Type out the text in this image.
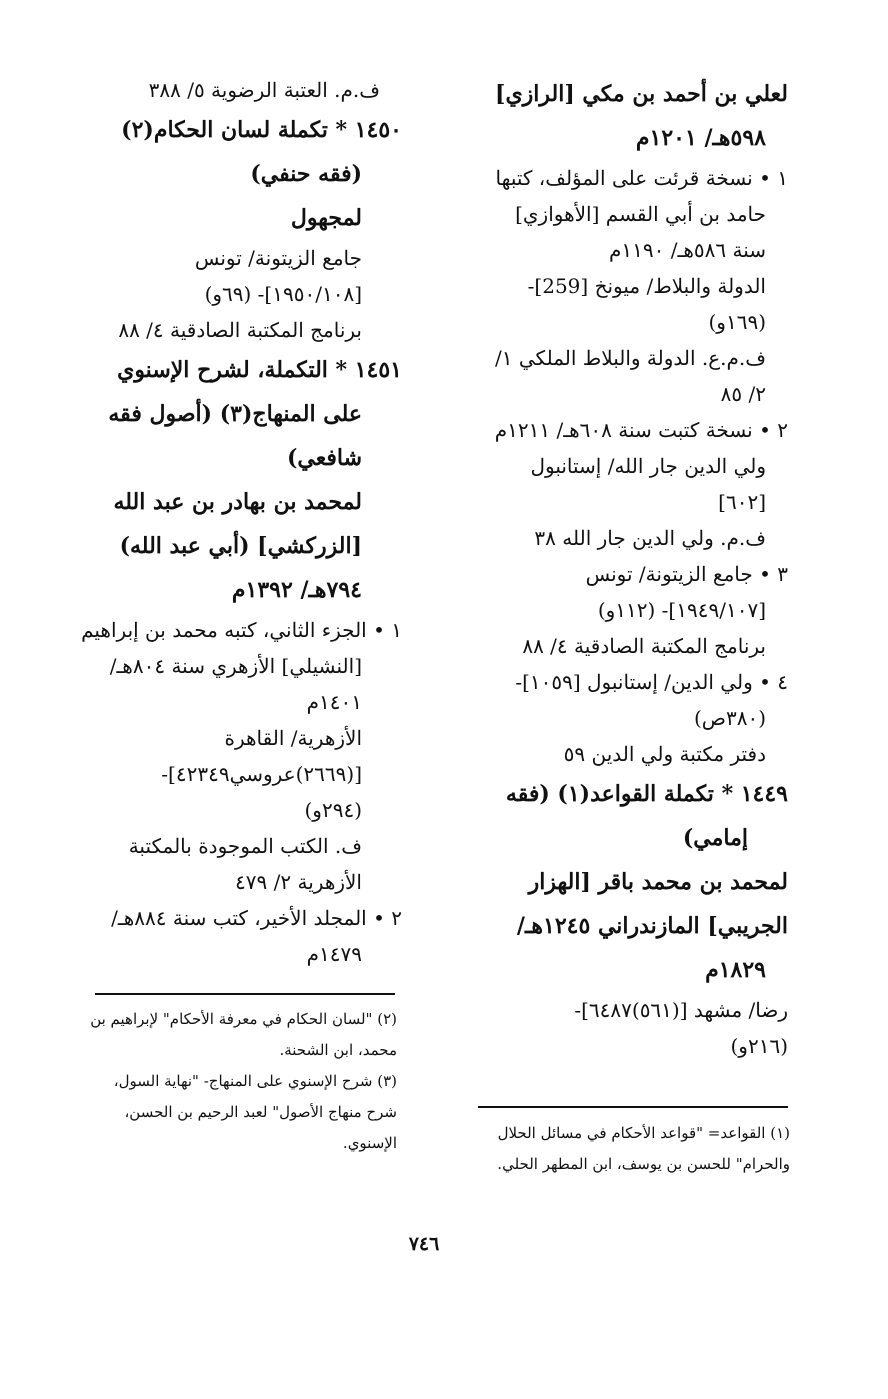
لعلي بن أحمد بن مكي [الرازي]
٥٩٨هـ/ ١٢٠١م
١ • نسخة قرئت على المؤلف، كتبها
حامد بن أبي القسم [الأهوازي]
سنة ٥٨٦هـ/ ١١٩٠م
الدولة والبلاط/ ميونخ [259]-
(١٦٩و)
ف.م.ع. الدولة والبلاط الملكي ١/
٢/ ٨٥
٢ • نسخة كتبت سنة ٦٠٨هـ/ ١٢١١م
ولي الدين جار الله/ إستانبول
[٦٠٢]
ف.م. ولي الدين جار الله ٣٨
٣ • جامع الزيتونة/ تونس
[١٩٤٩/١٠٧]- (١١٢و)
برنامج المكتبة الصادقية ٤/ ٨٨
٤ • ولي الدين/ إستانبول [١٠٥٩]-
(٣٨٠ص)
دفتر مكتبة ولي الدين ٥٩
١٤٤٩ * تكملة القواعد(١) (فقه
إمامي)
لمحمد بن محمد باقر [الهزار
الجريبي] المازندراني ١٢٤٥هـ/
١٨٢٩م
رضا/ مشهد [(٥٦١)٦٤٨٧]-
(٢١٦و)
ف.م. العتبة الرضوية ٥/ ٣٨٨
١٤٥٠ * تكملة لسان الحكام(٢)
(فقه حنفي)
لمجهول
جامع الزيتونة/ تونس
[١٩٥٠/١٠٨]- (٦٩و)
برنامج المكتبة الصادقية ٤/ ٨٨
١٤٥١ * التكملة، لشرح الإسنوي
على المنهاج(٣) (أصول فقه
شافعي)
لمحمد بن بهادر بن عبد الله
[الزركشي] (أبي عبد الله)
٧٩٤هـ/ ١٣٩٢م
١ • الجزء الثاني، كتبه محمد بن إبراهيم
[النشيلي] الأزهري سنة ٨٠٤هـ/
١٤٠١م
الأزهرية/ القاهرة
[(٢٦٦٩)عروسي٤٢٣٤٩]-
(٢٩٤و)
ف. الكتب الموجودة بالمكتبة
الأزهرية ٢/ ٤٧٩
٢ • المجلد الأخير، كتب سنة ٨٨٤هـ/
١٤٧٩م
(٢) "لسان الحكام في معرفة الأحكام" لإبراهيم بن
محمد، ابن الشحنة.
(٣) شرح الإسنوي على المنهاج- "نهاية السول،
شرح منهاج الأصول" لعبد الرحيم بن الحسن،
الإسنوي.
(١) القواعد= "قواعد الأحكام في مسائل الحلال
والحرام" للحسن بن يوسف، ابن المطهر الحلي.
٧٤٦
